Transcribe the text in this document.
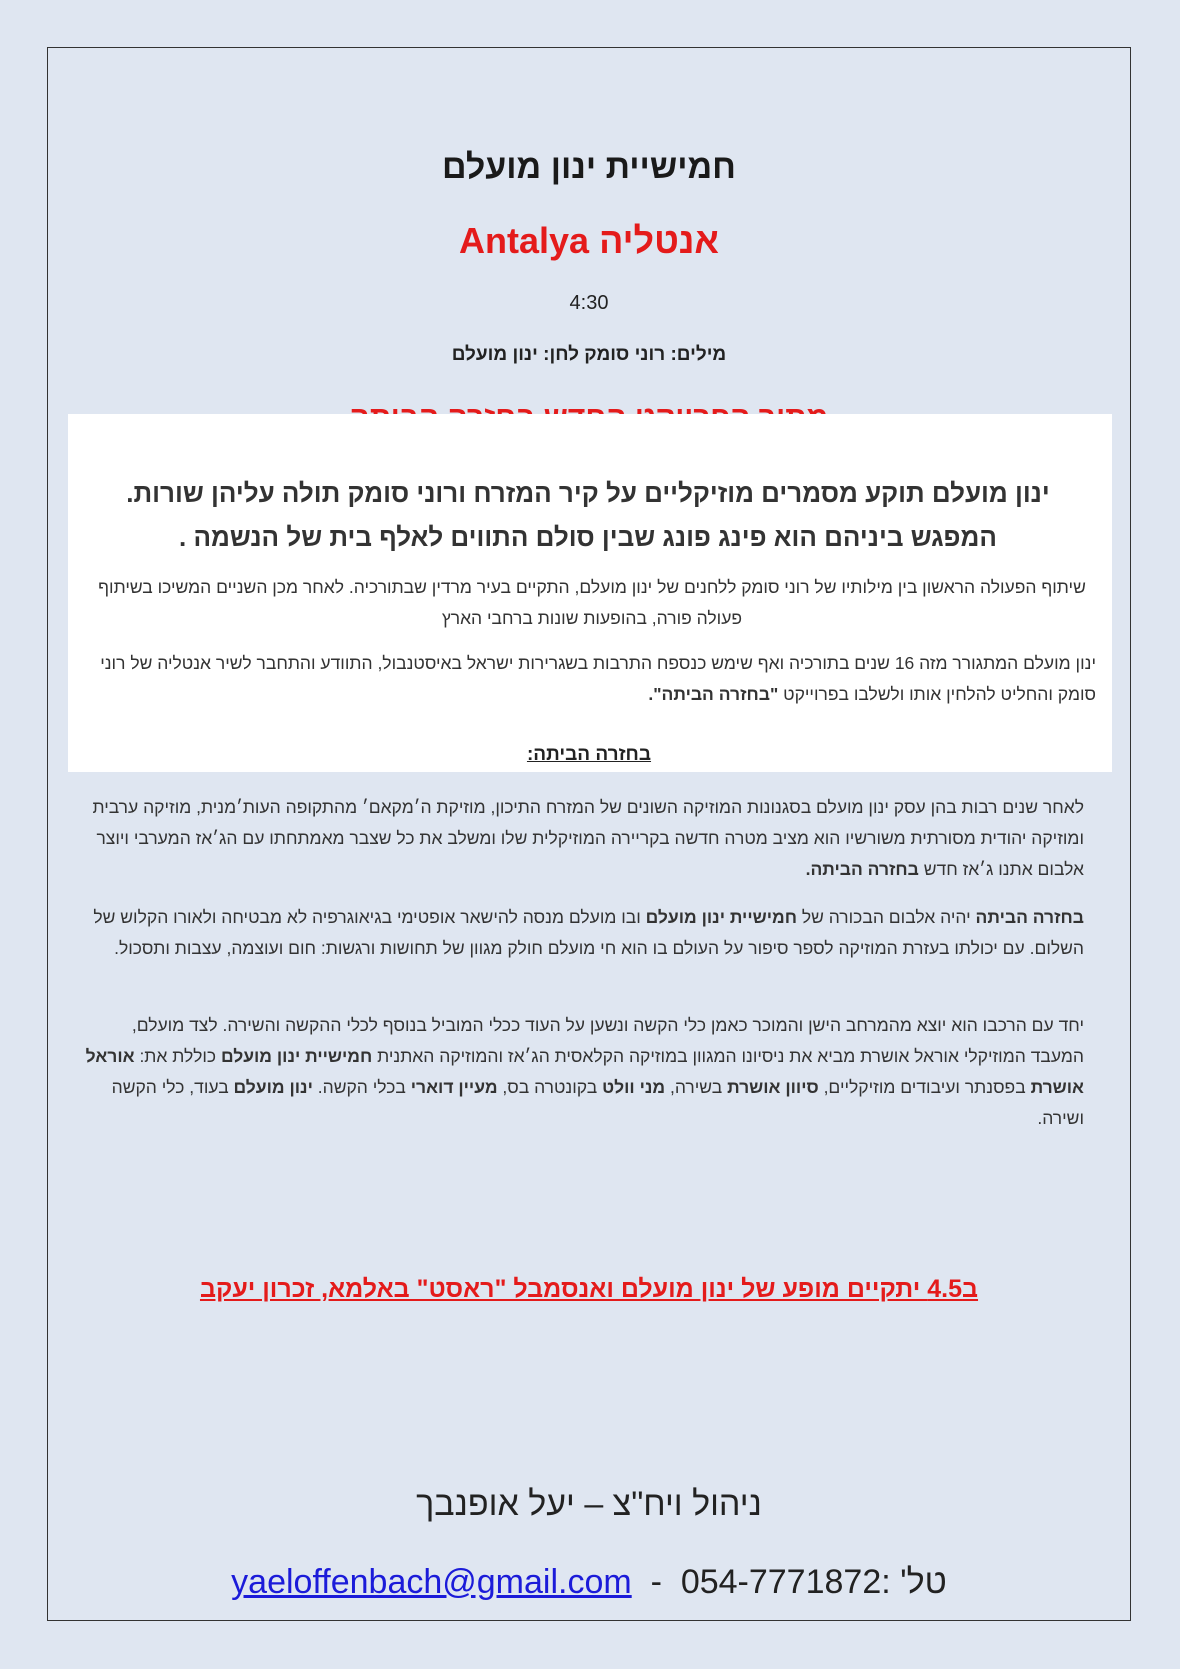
חמישיית ינון מועלם
אנטליה Antalya
4:30
מילים: רוני סומק לחן: ינון מועלם
ינון מועלם תוקע מסמרים מוזיקליים על קיר המזרח ורוני סומק תולה עליהן שורות.
המפגש ביניהם הוא פינג פונג שבין סולם התווים לאלף בית של הנשמה .
שיתוף הפעולה הראשון בין מילותיו של רוני סומק ללחנים של ינון מועלם, התקיים בעיר מרדין שבתורכיה. לאחר מכן השניים המשיכו בשיתוף פעולה פורה, בהופעות שונות ברחבי הארץ
ינון מועלם המתגורר מזה 16 שנים בתורכיה ואף שימש כנספח התרבות בשגרירות ישראל באיסטנבול, התוודע והתחבר לשיר אנטליה של רוני סומק והחליט להלחין אותו ולשלבו בפרוייקט "בחזרה הביתה".
בחזרה הביתה:
לאחר שנים רבות בהן עסק ינון מועלם בסגנונות המוזיקה השונים של המזרח התיכון, מוזיקת ה׳מקאם׳ מהתקופה העות׳מנית, מוזיקה ערבית ומוזיקה יהודית מסורתית משורשיו הוא מציב מטרה חדשה בקריירה המוזיקלית שלו ומשלב את כל שצבר מאמתחתו עם הג׳אז המערבי ויוצר אלבום אתנו ג׳אז חדש בחזרה הביתה.
בחזרה הביתה יהיה אלבום הבכורה של חמישיית ינון מועלם ובו מועלם מנסה להישאר אופטימי בגיאוגרפיה לא מבטיחה ולאורו הקלוש של השלום. עם יכולתו בעזרת המוזיקה לספר סיפור על העולם בו הוא חי מועלם חולק מגוון של תחושות ורגשות: חום ועוצמה, עצבות ותסכול.
יחד עם הרכבו הוא יוצא מהמרחב הישן והמוכר כאמן כלי הקשה ונשען על העוד ככלי המוביל בנוסף לכלי ההקשה והשירה. לצד מועלם, המעבד המוזיקלי אוראל אושרת מביא את ניסיונו המגוון במוזיקה הקלאסית הג׳אז והמוזיקה האתנית חמישיית ינון מועלם כוללת את: אוראל אושרת בפסנתר ועיבודים מוזיקליים, סיוון אושרת בשירה, מני וולט בקונטרה בס, מעיין דוארי בכלי הקשה. ינון מועלם בעוד, כלי הקשה ושירה.
ב4.5 יתקיים מופע של ינון מועלם ואנסמבל "ראסט" באלמא, זכרון יעקב
ניהול ויח"צ – יעל אופנבך
yaeloffenbach@gmail.com  -  טל' :054-7771872
